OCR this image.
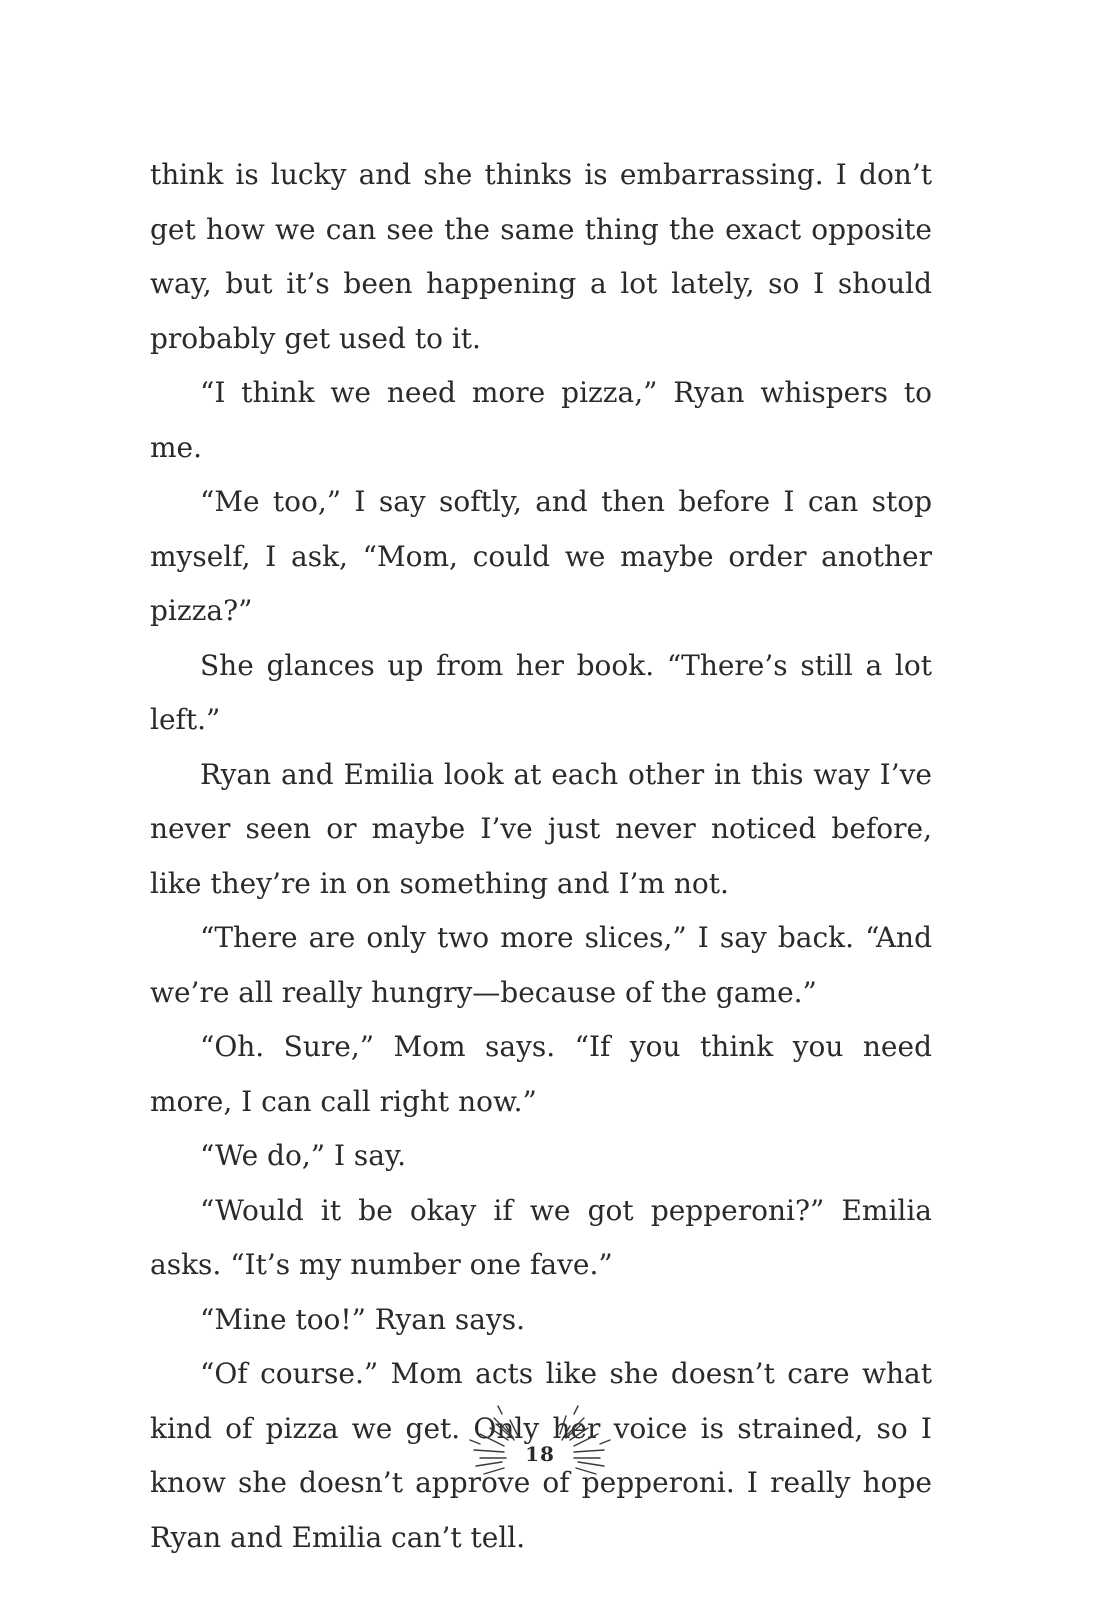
think is lucky and she thinks is embarrassing. I don’t get how we can see the same thing the exact opposite way, but it’s been happening a lot lately, so I should probably get used to it.

“I think we need more pizza,” Ryan whispers to me.

“Me too,” I say softly, and then before I can stop myself, I ask, “Mom, could we maybe order another pizza?”

She glances up from her book. “There’s still a lot left.”

Ryan and Emilia look at each other in this way I’ve never seen or maybe I’ve just never noticed before, like they’re in on something and I’m not.

“There are only two more slices,” I say back. “And we’re all really hungry—because of the game.”

“Oh. Sure,” Mom says. “If you think you need more, I can call right now.”

“We do,” I say.

“Would it be okay if we got pepperoni?” Emilia asks. “It’s my number one fave.”

“Mine too!” Ryan says.

“Of course.” Mom acts like she doesn’t care what kind of pizza we get. Only her voice is strained, so I know she doesn’t approve of pepperoni. I really hope Ryan and Emilia can’t tell.

18
